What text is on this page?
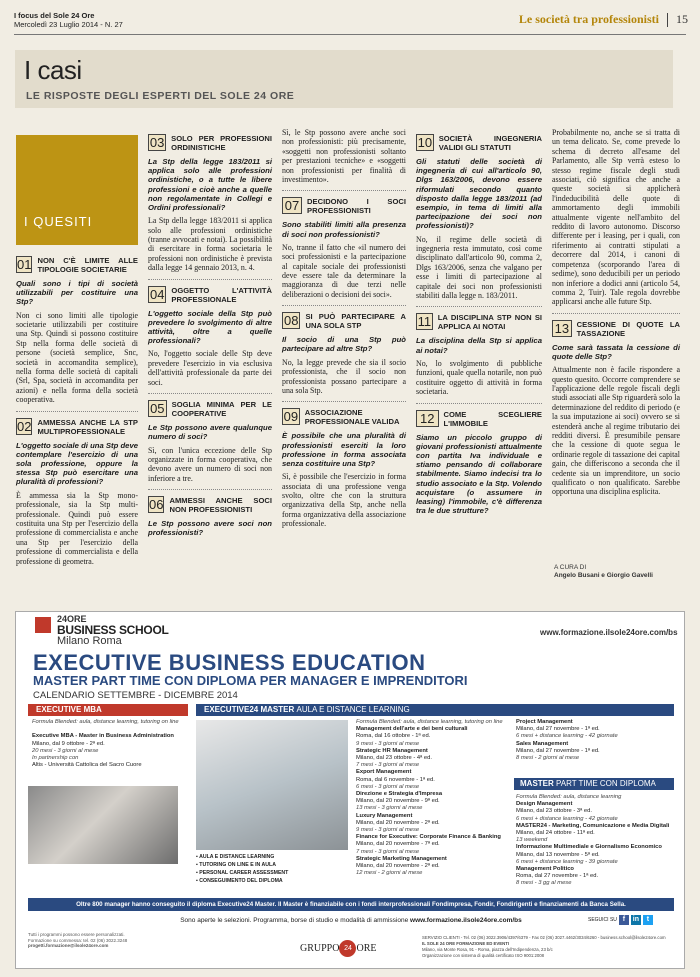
I focus del Sole 24 Ore
Mercoledì 23 Luglio 2014 - N. 27	Le società tra professionisti 15
I casi
LE RISPOSTE DEGLI ESPERTI DEL SOLE 24 ORE
I QUESITI
01 NON C'È LIMITE ALLE TIPOLOGIE SOCIETARIE
Quali sono i tipi di società utilizzabili per costituire una Stp?
Non ci sono limiti alle tipologie societarie utilizzabili per costituire una Stp. Quindi si possono costituire Stp nella forma delle società di persone (società semplice, Snc, società in accomandita semplice), nella forma delle società di capitali (Srl, Spa, società in accomandita per azioni) e nella forma della società cooperativa.
02 AMMESSA ANCHE LA STP MULTIPROFESSIONALE
L'oggetto sociale di una Stp deve contemplare l'esercizio di una sola professione, oppure la stessa Stp può esercitare una pluralità di professioni?
È ammessa sia la Stp mono-professionale, sia la Stp multi-professionale. Quindi può essere costituita una Stp per l'esercizio della professione di commercialista e anche una Stp per l'esercizio della professione di commercialista e della professione di geometra.
03 SOLO PER PROFESSIONI ORDINISTICHE
La Stp della legge 183/2011 si applica solo alle professioni ordinistiche, o a tutte le libere professioni e cioè anche a quelle non regolamentate in Collegi e Ordini professionali?
La Stp della legge 183/2011 si applica solo alle professioni ordinistiche (tranne avvocati e notai). La possibilità di esercitare in forma societaria le professioni non ordinistiche è prevista dalla legge 14 gennaio 2013, n. 4.
04 OGGETTO L'ATTIVITÀ PROFESSIONALE
L'oggetto sociale della Stp può prevedere lo svolgimento di altre attività, oltre a quelle professionali?
No, l'oggetto sociale delle Stp deve prevedere l'esercizio in via esclusiva dell'attività professionale da parte dei soci.
05 SOGLIA MINIMA PER LE COOPERATIVE
Le Stp possono avere qualunque numero di soci?
Sì, con l'unica eccezione delle Stp organizzate in forma cooperativa, che devono avere un numero di soci non inferiore a tre.
06 AMMESSI ANCHE SOCI NON PROFESSIONISTI
Le Stp possono avere soci non professionisti?
Sì, le Stp possono avere anche soci non professionisti: più precisamente, «soggetti non professionisti soltanto per prestazioni tecniche» e «soggetti non professionisti per finalità di investimento».
07	DECIDONO I SOCI PROFESSIONISTI
Sono stabiliti limiti alla presenza di soci non professionisti?
No, tranne il fatto che «il numero dei soci professionisti e la partecipazione al capitale sociale dei professionisti deve essere tale da determinare la maggioranza di due terzi nelle deliberazioni o decisioni dei soci».
08 SI PUÒ PARTECIPARE A UNA SOLA STP
Il socio di una Stp può partecipare ad altre Stp?
No, la legge prevede che sia il socio professionista, che il socio non professionista possano partecipare a una sola Stp.
09 ASSOCIAZIONE PROFESSIONALE VALIDA
È possibile che una pluralità di professionisti eserciti la loro professione in forma associata senza costituire una Stp?
Sì, è possibile che l'esercizio in forma associata di una professione venga svolto, oltre che con la struttura organizzativa della Stp, anche nella forma organizzativa della associazione professionale.
10 SOCIETÀ INGEGNERIA VALIDI GLI STATUTI
Gli statuti delle società di ingegneria di cui all'articolo 90, Dlgs 163/2006, devono essere riformulati secondo quanto disposto dalla legge 183/2011 (ad esempio, in tema di limiti alla partecipazione dei soci non professionisti)?
No, il regime delle società di ingegneria resta immutato, così come disciplinato dall'articolo 90, comma 2, Dlgs 163/2006, senza che valgano per esse i limiti di partecipazione al capitale dei soci non professionisti stabiliti dalla legge n. 183/2011.
11 LA DISCIPLINA STP NON SI APPLICA AI NOTAI
La disciplina della Stp si applica ai notai?
No, lo svolgimento di pubbliche funzioni, quale quella notarile, non può costituire oggetto di attività in forma societaria.
12	COME SCEGLIERE L'IMMOBILE
Siamo un piccolo gruppo di giovani professionisti attualmente con partita Iva individuale e stiamo pensando di collaborare stabilmente. Siamo indecisi tra lo studio associato e la Stp. Volendo acquistare (o assumere in leasing) l'immobile, c'è differenza tra le due strutture?
Probabilmente no, anche se si tratta di un tema delicato. Se, come prevede lo schema di decreto all'esame del Parlamento, alle Stp verrà esteso lo stesso regime fiscale degli studi associati, ciò significa che anche a queste società si applicherà l'indeducibilità delle quote di ammortamento degli immobili attualmente vigente nell'ambito del reddito di lavoro autonomo. Discorso differente per i leasing, per i quali, con riferimento ai contratti stipulati a decorrere dal 2014, i canoni di competenza (scorporando l'area di sedime), sono deducibili per un periodo non inferiore a dodici anni (articolo 54, comma 2, Tuir). Tale regola dovrebbe applicarsi anche alle future Stp.
13 CESSIONE DI QUOTE LA TASSAZIONE
Come sarà tassata la cessione di quote delle Stp?
Attualmente non è facile rispondere a questo quesito. Occorre comprendere se l'applicazione delle regole fiscali degli studi associati alle Stp riguarderà solo la determinazione del reddito di periodo (e la sua imputazione ai soci) ovvero se si estenderà anche al regime tributario dei redditi diversi. È presumibile pensare che la cessione di quote segua le ordinarie regole di tassazione dei capital gain, che differiscono a seconda che il cedente sia un imprenditore, un socio qualificato o non qualificato. Sarebbe opportuna una disciplina esplicita.
A CURA DI
Angelo Busani e Giorgio Gavelli
24ORE
BUSINESS SCHOOL
Milano Roma
www.formazione.ilsole24ore.com/bs
EXECUTIVE BUSINESS EDUCATION
MASTER PART TIME CON DIPLOMA PER MANAGER E IMPRENDITORI
CALENDARIO SETTEMBRE - DICEMBRE 2014
EXECUTIVE MBA	EXECUTIVE24 MASTER AULA E DISTANCE LEARNING
Formula Blended: aula, distance learning, tutoring on line

Executive MBA - Master in Business Administration
Milano, dal 9 ottobre - 2ª ed.
20 mesi - 3 giorni al mese
In partnership con
Altis - Università Cattolica del Sacro Cuore
▪ AULA E DISTANCE LEARNING
▪ TUTORING ON LINE E IN AULA
▪ PERSONAL CAREER ASSESSMENT
▪ CONSEGUIMENTO DEL DIPLOMA
Formula Blended: aula, distance learning, tutoring on line
Management dell'arte e dei beni culturali
Roma, dal 16 ottobre - 1ª ed.
9 mesi - 3 giorni al mese
Strategic HR Management
Milano, dal 23 ottobre - 4ª ed.
7 mesi - 3 giorni al mese
Export Management
Roma, dal 6 novembre - 1ª ed.
6 mesi - 3 giorni al mese
Direzione e Strategia d'Impresa
Milano, dal 20 novembre - 9ª ed.
13 mesi - 3 giorni al mese
Luxury Management
Milano, dal 20 novembre - 2ª ed.
9 mesi - 3 giorni al mese
Finance for Executive: Corporate Finance & Banking
Milano, dal 20 novembre - 7ª ed.
7 mesi - 3 giorni al mese
Strategic Marketing Management
Milano, dal 20 novembre - 2ª ed.
12 mesi - 2 giorni al mese

Project Management
Milano, dal 27 novembre - 1ª ed.
6 mesi + distance learning - 42 giornate
Sales Management
Milano, dal 27 novembre - 1ª ed.
8 mesi - 2 giorni al mese

MASTER PART TIME CON DIPLOMA
Formula Blended: aula, distance learning
Design Management
Milano, dal 23 ottobre - 3ª ed.
6 mesi + distance learning - 42 giornate
MASTER24 - Marketing, Comunicazione e Media Digitali
Milano, dal 24 ottobre - 11ª ed.
13 weekend
Informazione Multimediale e Giornalismo Economico
Milano, dal 13 novembre - 5ª ed.
6 mesi + distance learning - 39 giornate
Management Politico
Roma, dal 27 novembre - 1ª ed.
8 mesi - 3 gg al mese

Oltre 800 manager hanno conseguito il diploma Executive24 Master. Il Master è finanziabile con i fondi interprofessionali Fondimpresa, Fondir, Fondirigenti e finanziamenti da Banca Sella.
Sono aperte le selezioni. Programma, borse di studio e modalità di ammissione www.formazione.ilsole24ore.com/bs	SEGUICI SU f	in	t
Tutti i programmi possono essere personalizzati.
Formazione su commessa: tel. 02 (06) 3022.3248
progetti.formazione@ilsole24ore.com	GRUPPO 24 ORE
SERVIZIO CLIENTI - Tel. 02 (06) 3022.3906/4397/6379 - Fax 02 (06) 3027.4462/3034/6260 - business.school@ilsole24ore.com
IL SOLE 24 ORE FORMAZIONE ED EVENTI
Milano, via Monte Rosa, 91 - Roma, piazza dell'Indipendenza, 23 b/c
Organizzazione con sistema di qualità certificato ISO 9001:2008
